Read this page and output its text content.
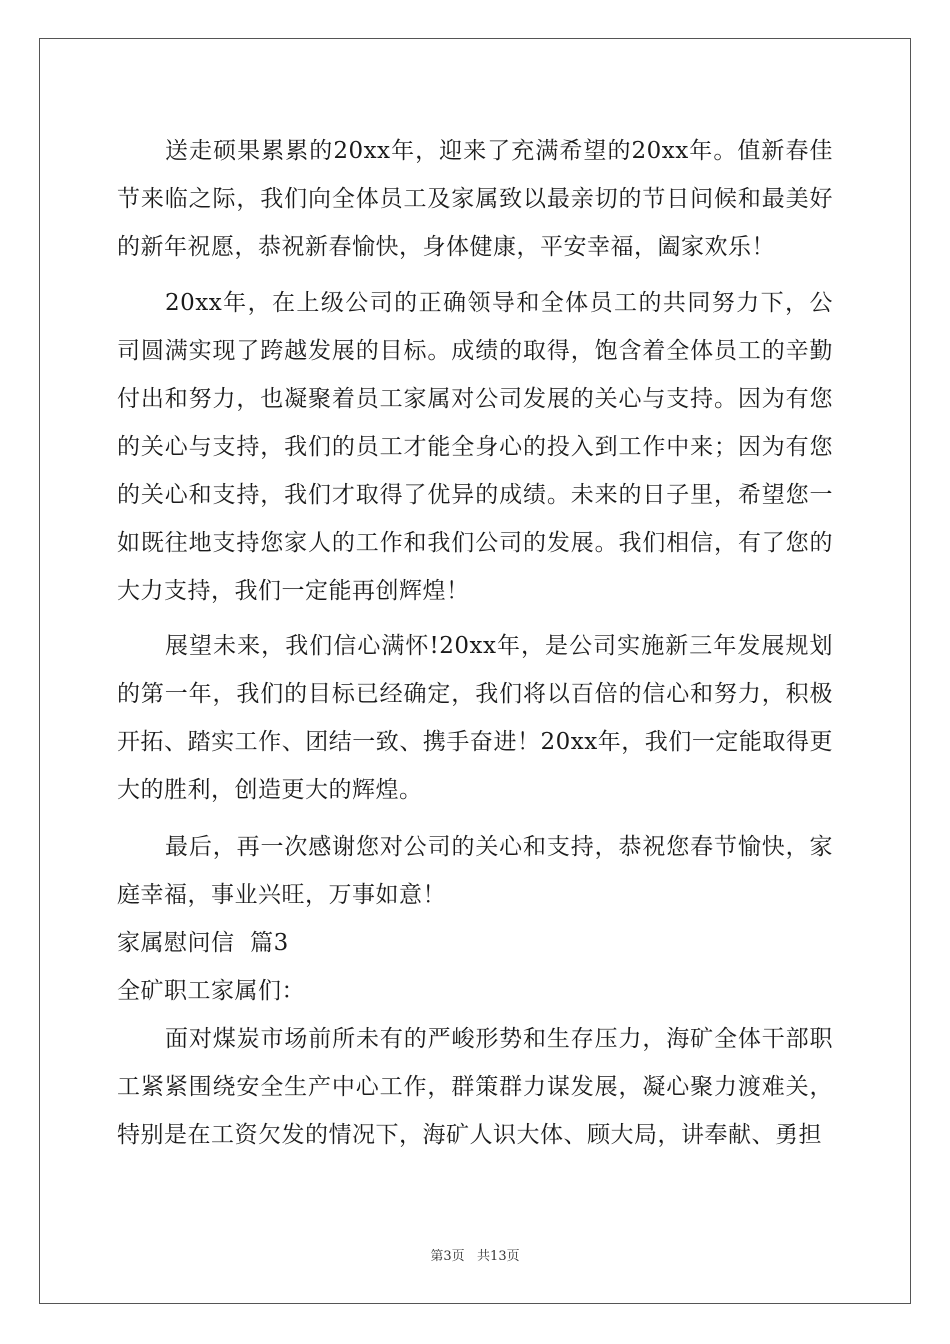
送走硕果累累的20xx年，迎来了充满希望的20xx年。值新春佳节来临之际，我们向全体员工及家属致以最亲切的节日问候和最美好的新年祝愿，恭祝新春愉快，身体健康，平安幸福，阖家欢乐！

20xx年，在上级公司的正确领导和全体员工的共同努力下，公司圆满实现了跨越发展的目标。成绩的取得，饱含着全体员工的辛勤付出和努力，也凝聚着员工家属对公司发展的关心与支持。因为有您的关心与支持，我们的员工才能全身心的投入到工作中来；因为有您的关心和支持，我们才取得了优异的成绩。未来的日子里，希望您一如既往地支持您家人的工作和我们公司的发展。我们相信，有了您的大力支持，我们一定能再创辉煌！

展望未来，我们信心满怀!20xx年，是公司实施新三年发展规划的第一年，我们的目标已经确定，我们将以百倍的信心和努力，积极开拓、踏实工作、团结一致、携手奋进！20xx年，我们一定能取得更大的胜利，创造更大的辉煌。

最后，再一次感谢您对公司的关心和支持，恭祝您春节愉快，家庭幸福，事业兴旺，万事如意！

家属慰问信  篇3

全矿职工家属们：

面对煤炭市场前所未有的严峻形势和生存压力，海矿全体干部职工紧紧围绕安全生产中心工作，群策群力谋发展，凝心聚力渡难关，特别是在工资欠发的情况下，海矿人识大体、顾大局，讲奉献、勇担

第3页   共13页
